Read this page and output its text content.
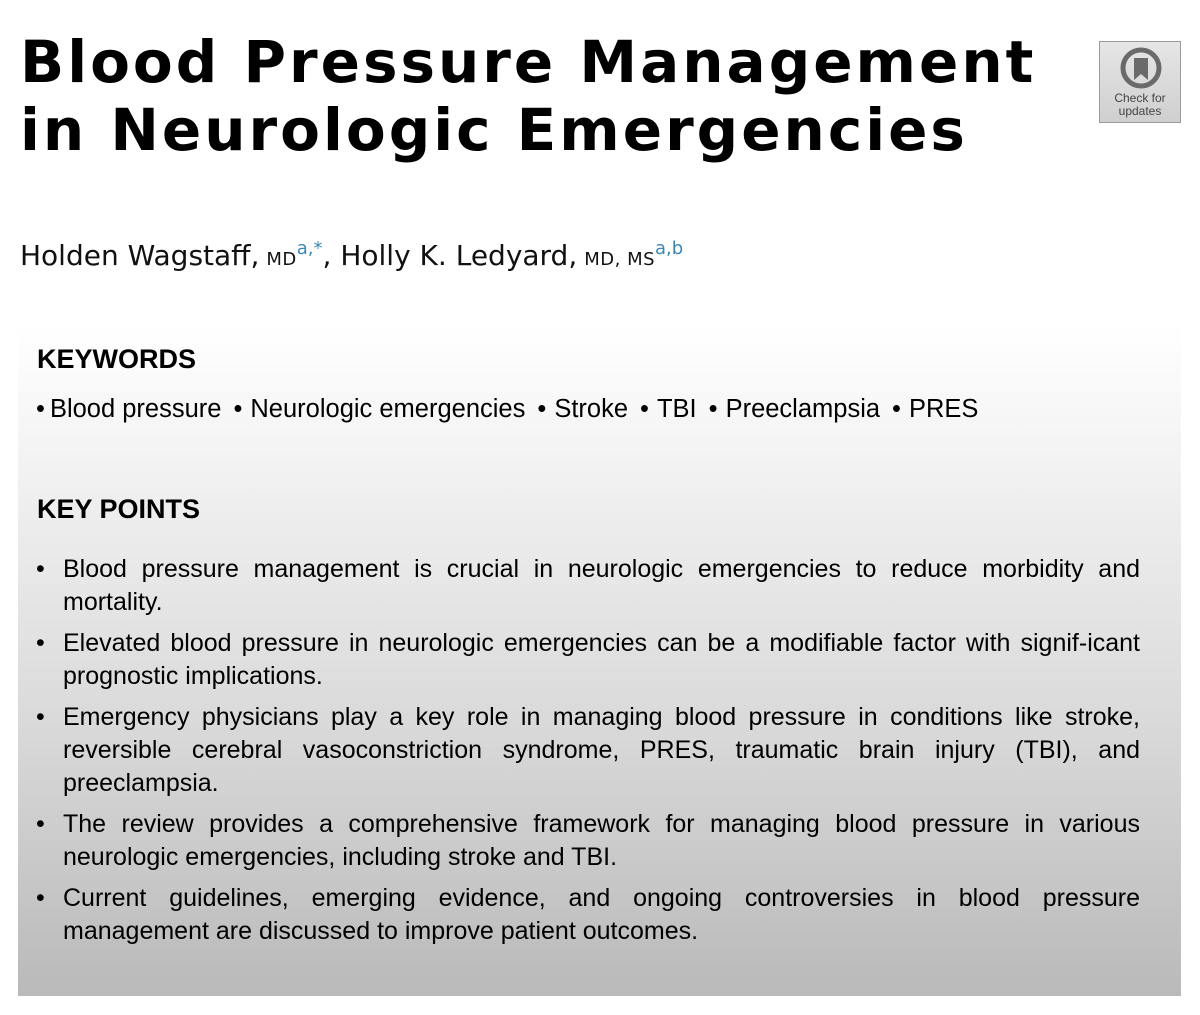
Blood Pressure Management
in Neurologic Emergencies	Check for
updates
Holden Wagstaff, $MD^{a,*}$, Holly K. Ledyard, MD, MS$^{a,b}$
KEYWORDS
• Blood pressure • Neurologic emergencies • Stroke • TBI • Preeclampsia • PRES
KEY POINTS
• Blood pressure management is crucial in neurologic emergencies to reduce morbidity and mortality.
• Elevated blood pressure in neurologic emergencies can be a modifiable factor with signif-icant prognostic implications.
• Emergency physicians play a key role in managing blood pressure in conditions like stroke, reversible cerebral vasoconstriction syndrome, PRES, traumatic brain injury (TBI), and preeclampsia.
• The review provides a comprehensive framework for managing blood pressure in various neurologic emergencies, including stroke and TBI.
• Current guidelines, emerging evidence, and ongoing controversies in blood pressure management are discussed to improve patient outcomes.
